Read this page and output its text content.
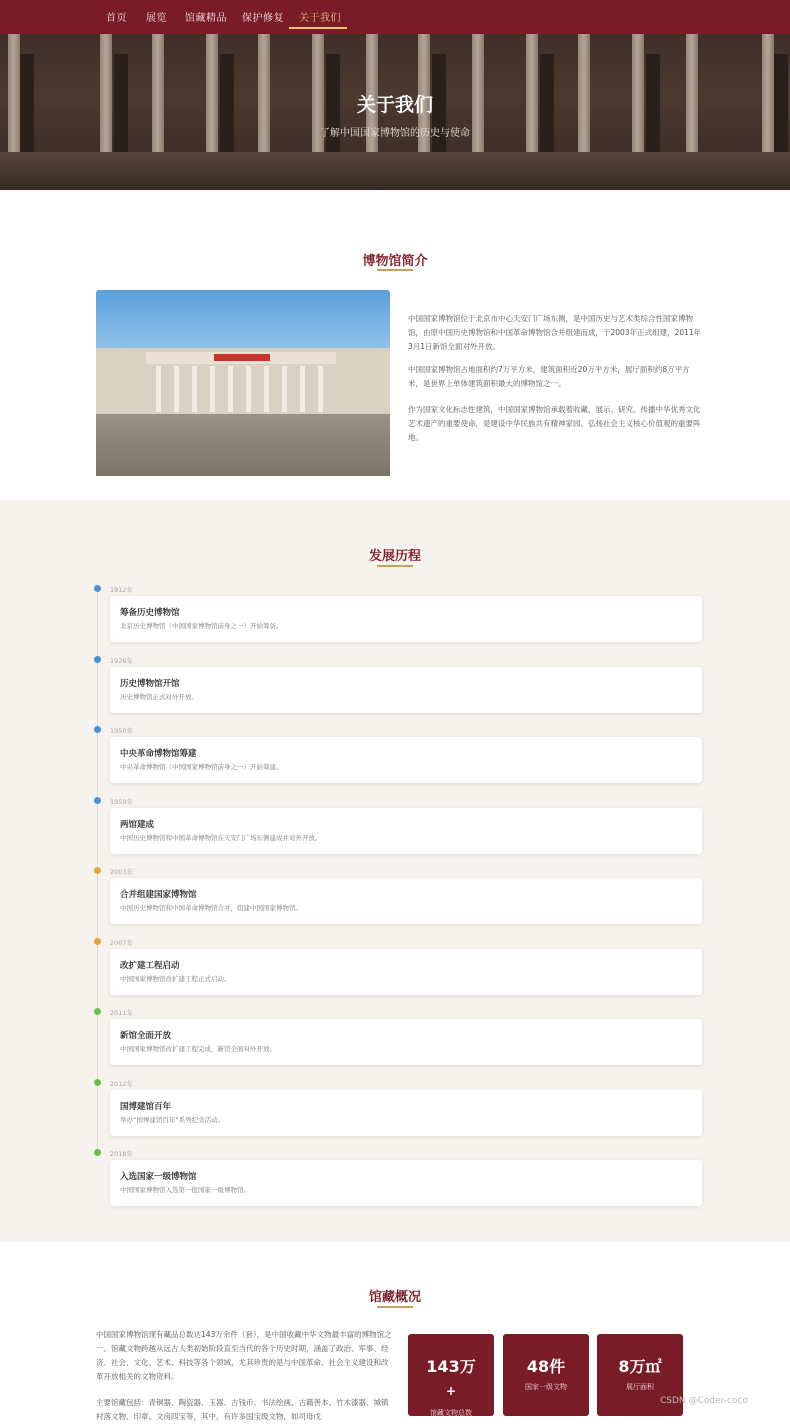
首页 展览 馆藏精品 保护修复 关于我们
关于我们
了解中国国家博物馆的历史与使命
博物馆简介
中国国家博物馆位于北京市中心天安门广场东侧，是中国历史与艺术类综合性国家博物馆，由原中国历史博物馆和中国革命博物馆合并组建而成，于2003年正式组建，2011年3月1日新馆全面对外开放。
中国国家博物馆占地面积约7万平方米，建筑面积近20万平方米，展厅面积约8万平方米，是世界上单体建筑面积最大的博物馆之一。
作为国家文化标志性建筑，中国国家博物馆承载着收藏、展示、研究、传播中华优秀文化艺术遗产的重要使命，是建设中华民族共有精神家园、弘扬社会主义核心价值观的重要阵地。
发展历程
1912年
筹备历史博物馆
北京历史博物馆（中国国家博物馆前身之一）开始筹备。
1926年
历史博物馆开馆
历史博物馆正式对外开放。
1950年
中央革命博物馆筹建
中央革命博物馆（中国国家博物馆前身之一）开始筹建。
1959年
两馆建成
中国历史博物馆和中国革命博物馆在天安门广场东侧建成并对外开放。
2003年
合并组建国家博物馆
中国历史博物馆和中国革命博物馆合并，组建中国国家博物馆。
2007年
改扩建工程启动
中国国家博物馆改扩建工程正式启动。
2011年
新馆全面开放
中国国家博物馆改扩建工程完成，新馆全面对外开放。
2012年
国博建馆百年
举办“国博建馆百年”系列纪念活动。
2018年
入选国家一级博物馆
中国国家博物馆入选第一批国家一级博物馆。
馆藏概况
中国国家博物馆现有藏品总数达143万余件（套），是中国收藏中华文物最丰富的博物馆之一。馆藏文物跨越从远古人类初始阶段直至当代的各个历史时期，涵盖了政治、军事、经济、社会、文化、艺术、科技等各个领域，尤其珍贵的是与中国革命、社会主义建设和改革开放相关的文物资料。
主要馆藏包括：青铜器、陶瓷器、玉器、古钱币、书法绘画、古籍善本、竹木漆器、城镇村落文物、印章、文房四宝等，其中，有许多国宝级文物，如司母戊
143万
+
馆藏文物总数
48件
国家一级文物
8万㎡
展厅面积
CSDN @Coder-coco
